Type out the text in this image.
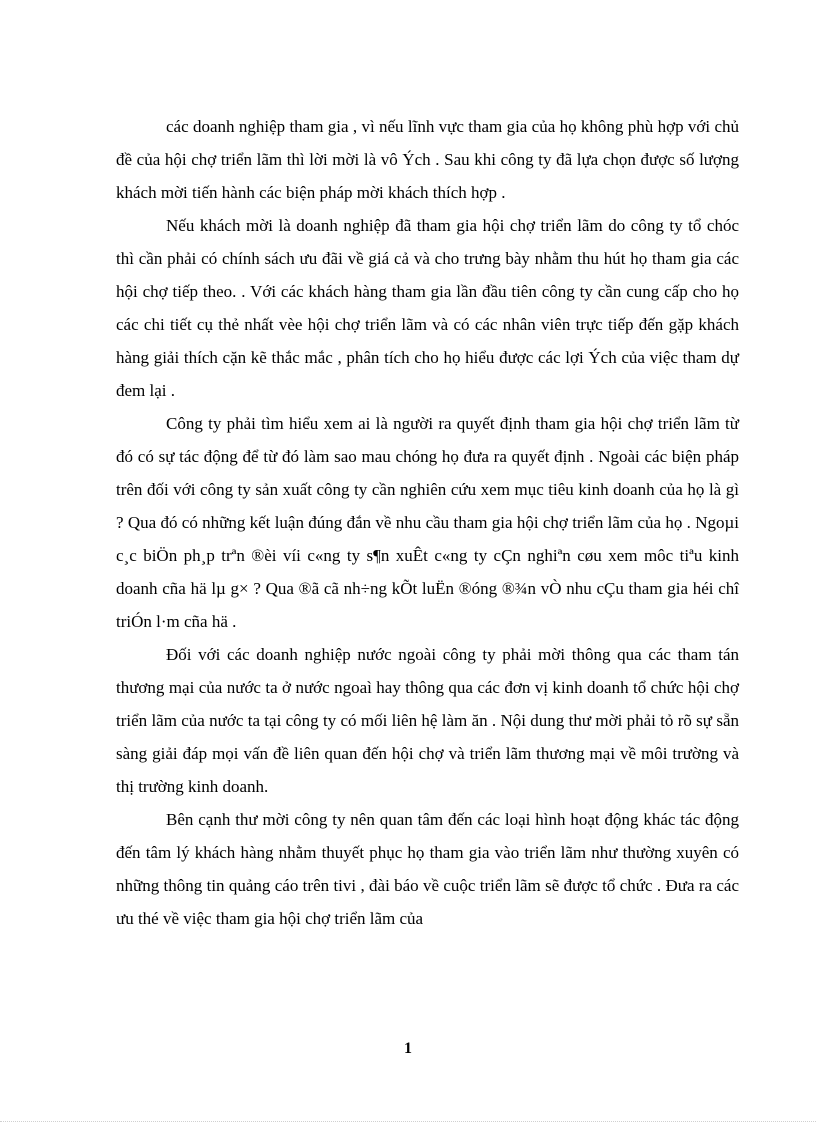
các doanh nghiệp tham gia , vì nếu lĩnh vực tham gia của họ không phù hợp với chủ đề của hội chợ triển lãm thì lời mời là vô Ých . Sau khi công ty đã lựa chọn được số lượng khách mời tiến hành các biện pháp mời khách thích hợp .

Nếu khách mời là doanh nghiệp đã tham gia hội chợ triển lãm do công ty tổ chóc thì cần phải có chính sách ưu đãi về giá cả và cho trưng bày nhằm thu hút họ tham gia các hội chợ tiếp theo. . Với các khách hàng tham gia lần đầu tiên công ty cần cung cấp cho họ các chi tiết cụ thẻ nhất vèe hội chợ triển lãm và có các nhân viên trực tiếp đến gặp khách hàng giải thích cặn kẽ thắc mắc , phân tích cho họ hiểu được các lợi Ých của việc tham dự đem lại .

Công ty phải tìm hiểu xem ai là người ra quyết định tham gia hội chợ triển lãm từ đó có sự tác động để từ đó làm sao mau chóng họ đưa ra quyết định . Ngoài các biện pháp trên đối với công ty sản xuất công ty cần nghiên cứu xem mục tiêu kinh doanh của họ là gì ? Qua đó có những kết luận đúng đắn về nhu cầu tham gia hội chợ triển lãm của họ . Ngoµi c¸c biÖn ph¸p trªn ®èi víi c«ng ty s¶n xuÊt c«ng ty cÇn nghiªn cøu xem môc tiªu kinh doanh cña hä lµ g× ? Qua ®ã cã nh÷ng kÕt luËn ®óng ®¾n vÒ nhu cÇu tham gia héi chî triÓn l·m cña hä .

Đối với các doanh nghiệp nước ngoài công ty phải mời thông qua các tham tán thương mại của nước ta ở nước ngoaì hay thông qua các đơn vị kinh doanh tổ chức hội chợ triển lãm của nước ta tại công ty có mối liên hệ làm ăn . Nội dung thư mời phải tỏ rõ sự sẵn sàng giải đáp mọi vấn đề liên quan đến hội chợ và triển lãm thương mại về môi trường và thị trường kinh doanh.

Bên cạnh thư mời công ty nên quan tâm đến các loại hình hoạt động khác tác động đến tâm lý khách hàng nhằm thuyết phục họ tham gia vào triển lãm như thường xuyên có những thông tin quảng cáo trên tivi , đài báo về cuộc triển lãm sẽ được tổ chức . Đưa ra các ưu thé về việc tham gia hội chợ triển lãm của

1
